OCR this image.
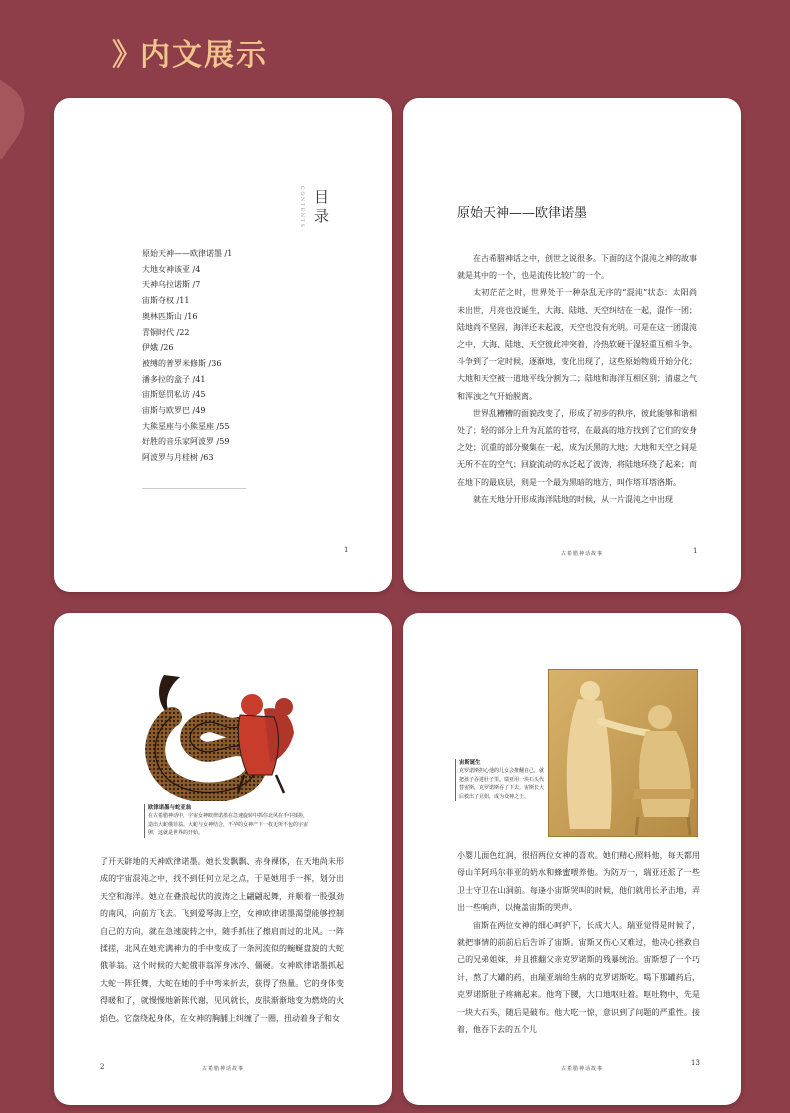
》 内文展示
CONTENTS 目录
原始天神——欧律诺墨 /1
大地女神该亚 /4
天神乌拉诺斯 /7
宙斯夺权 /11
奥林匹斯山 /16
青铜时代 /22
伊娥 /26
被缚的普罗米修斯 /36
潘多拉的盒子 /41
宙斯惩罚私访 /45
宙斯与欧罗巴 /49
大熊星座与小熊星座 /55
好胜的音乐家阿波罗 /59
阿波罗与月桂树 /63
1
原始天神——欧律诺墨

在古希腊神话之中，创世之说很多。下面的这个混沌之神的故事就是其中的一个，也是流传比较广的一个。

太初茫茫之时，世界处于一种杂乱无序的“混沌”状态：太阳尚未出世，月亮也没诞生，大海、陆地、天空纠结在一起，混作一团；陆地尚不坚固，海洋还未起波，天空也没有光明。可是在这一团混沌之中，大海、陆地、天空彼此冲突着，冷热软硬干湿轻重互相斗争。斗争到了一定时候，逐渐地，变化出现了，这些原始物质开始分化；大地和天空被一道地平线分割为二；陆地和海洋互相区别；清虚之气和浑浊之气开始脱离。

世界乱糟糟的面貌改变了，形成了初步的秩序，彼此能够和谐相处了；轻的部分上升为瓦蓝的苍穹，在最高的地方找到了它们的安身之处；沉重的部分聚集在一起，成为沃黑的大地；大地和天空之间是无所不在的空气；回旋流动的水泛起了波涛，将陆地环绕了起来；而在地下的最底层，则是一个最为黑暗的地方，叫作塔耳塔洛斯。

就在天地分开形成海洋陆地的时候，从一片混沌之中出现

古希腊神话故事	1
欧律诺墨与蛇亚翁
在古希腊神话中，宇宙女神欧律诺墨在急速旋转中抓住北风在手中揉搓，造出大蛇俄菲翁。大蛇与女神结合，不孕的女神产下一枚无所不包的宇宙卵，这就是世界的开始。

了开天辟地的天神欧律诺墨。她长发飘飘、赤身裸体，在天地尚未形成的宇宙混沌之中，找不到任何立足之点，于是她用手一挥，划分出天空和海洋。她立在叠浪起伏的波涛之上翩翩起舞，并顺着一股强劲的南风，向前方飞去。飞到爱琴海上空，女神欧律诺墨渴望能够控制自己的方向，就在急速旋转之中，随手抓住了擦肩而过的北风。一阵揉搓，北风在她充满神力的手中变成了一条河流似的蜿蜒盘旋的大蛇俄菲翁。这个时候的大蛇俄菲翁浑身冰冷、僵硬。女神欧律诺墨抓起大蛇一阵狂舞，大蛇在她的手中弯来折去，获得了热量。它的身体变得暖和了，就慢慢地新陈代谢，见风就长，皮肤渐渐地变为燃烧的火焰色。它盘绕起身体，在女神的胸脯上纠缠了一圈，扭动着身子和女

2	古希腊神话故事
宙斯诞生
克罗诺斯担心他的儿女会推翻自己，就把孩子吞进肚子里。瑞亚用一块石头代替宙斯，克罗诺斯吞了下去。宙斯长大后救出了兄姐，成为众神之王。

小婴儿面色红润，很招两位女神的喜欢。她们精心照料他，每天都用母山羊阿玛尔菲亚的奶水和蜂蜜喂养他。为防万一，瑞亚还派了一些卫士守卫在山洞前。每逢小宙斯哭叫的时候，他们就用长矛击地，弄出一些响声，以掩盖宙斯的哭声。

宙斯在两位女神的细心呵护下，长成大人。瑞亚觉得是时候了，就把事情的前前后后告诉了宙斯。宙斯又伤心又难过，他决心拯救自己的兄弟姐妹，并且推翻父亲克罗诺斯的残暴统治。宙斯想了一个巧计，熬了大罐的药，由瑞亚端给生病的克罗诺斯吃。喝下那罐药后，克罗诺斯肚子疼痛起来。他弯下腰，大口地呕吐着。呕吐物中，先是一块大石头，随后是破布。他大吃一惊，意识到了问题的严重性。接着，他吞下去的五个儿

古希腊神话故事
13
